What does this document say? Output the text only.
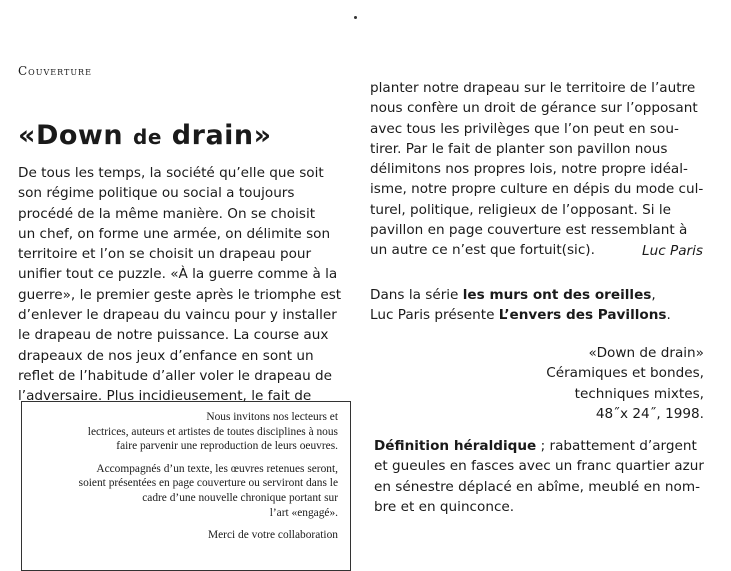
Couverture
«Down de drain»
De tous les temps, la société qu’elle que soit
son régime politique ou social a toujours
procédé de la même manière. On se choisit
un chef, on forme une armée, on délimite son
territoire et l’on se choisit un drapeau pour
unifier tout ce puzzle. «À la guerre comme à la
guerre», le premier geste après le triomphe est
d’enlever le drapeau du vaincu pour y installer
le drapeau de notre puissance. La course aux
drapeaux de nos jeux d’enfance en sont un
reflet de l’habitude d’aller voler le drapeau de
l’adversaire. Plus incidieusement, le fait de
planter notre drapeau sur le territoire de l’autre
nous confère un droit de gérance sur l’opposant
avec tous les privilèges que l’on peut en sou-
tirer. Par le fait de planter son pavillon nous
délimitons nos propres lois, notre propre idéal-
isme, notre propre culture en dépis du mode cul-
turel, politique, religieux de l’opposant. Si le
pavillon en page couverture est ressemblant à
un autre ce n’est que fortuit(sic).	Luc Paris
Dans la série les murs ont des oreilles,
Luc Paris présente L’envers des Pavillons.
«Down de drain»
Céramiques et bondes,
techniques mixtes,
48˝x 24˝, 1998.
Définition héraldique ; rabattement d’argent
et gueules en fasces avec un franc quartier azur
en sénestre déplacé en abîme, meublé en nom-
bre et en quinconce.

Nous invitons nos lecteurs et
lectrices, auteurs et artistes de toutes disciplines à nous
faire parvenir une reproduction de leurs oeuvres.

Accompagnés d’un texte, les œuvres retenues seront,
soient présentées en page couverture ou serviront dans le
cadre d’une nouvelle chronique portant sur
l’art «engagé».

Merci de votre collaboration
